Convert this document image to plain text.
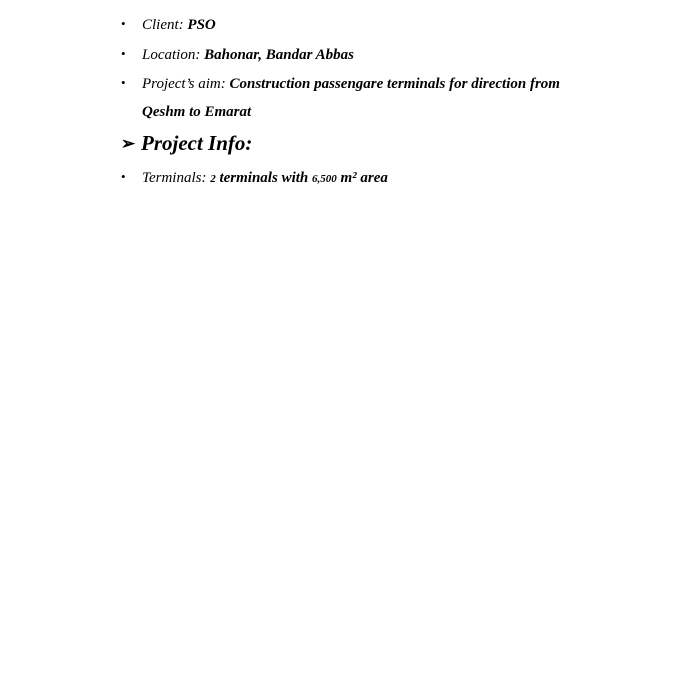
• Client: PSO
• Location: Bahonar, Bandar Abbas
• Project’s aim: Construction passengare terminals for direction from
Qeshm to Emarat
➢ Project Info:
• Terminals: 2 terminals with 6,500 m² area
